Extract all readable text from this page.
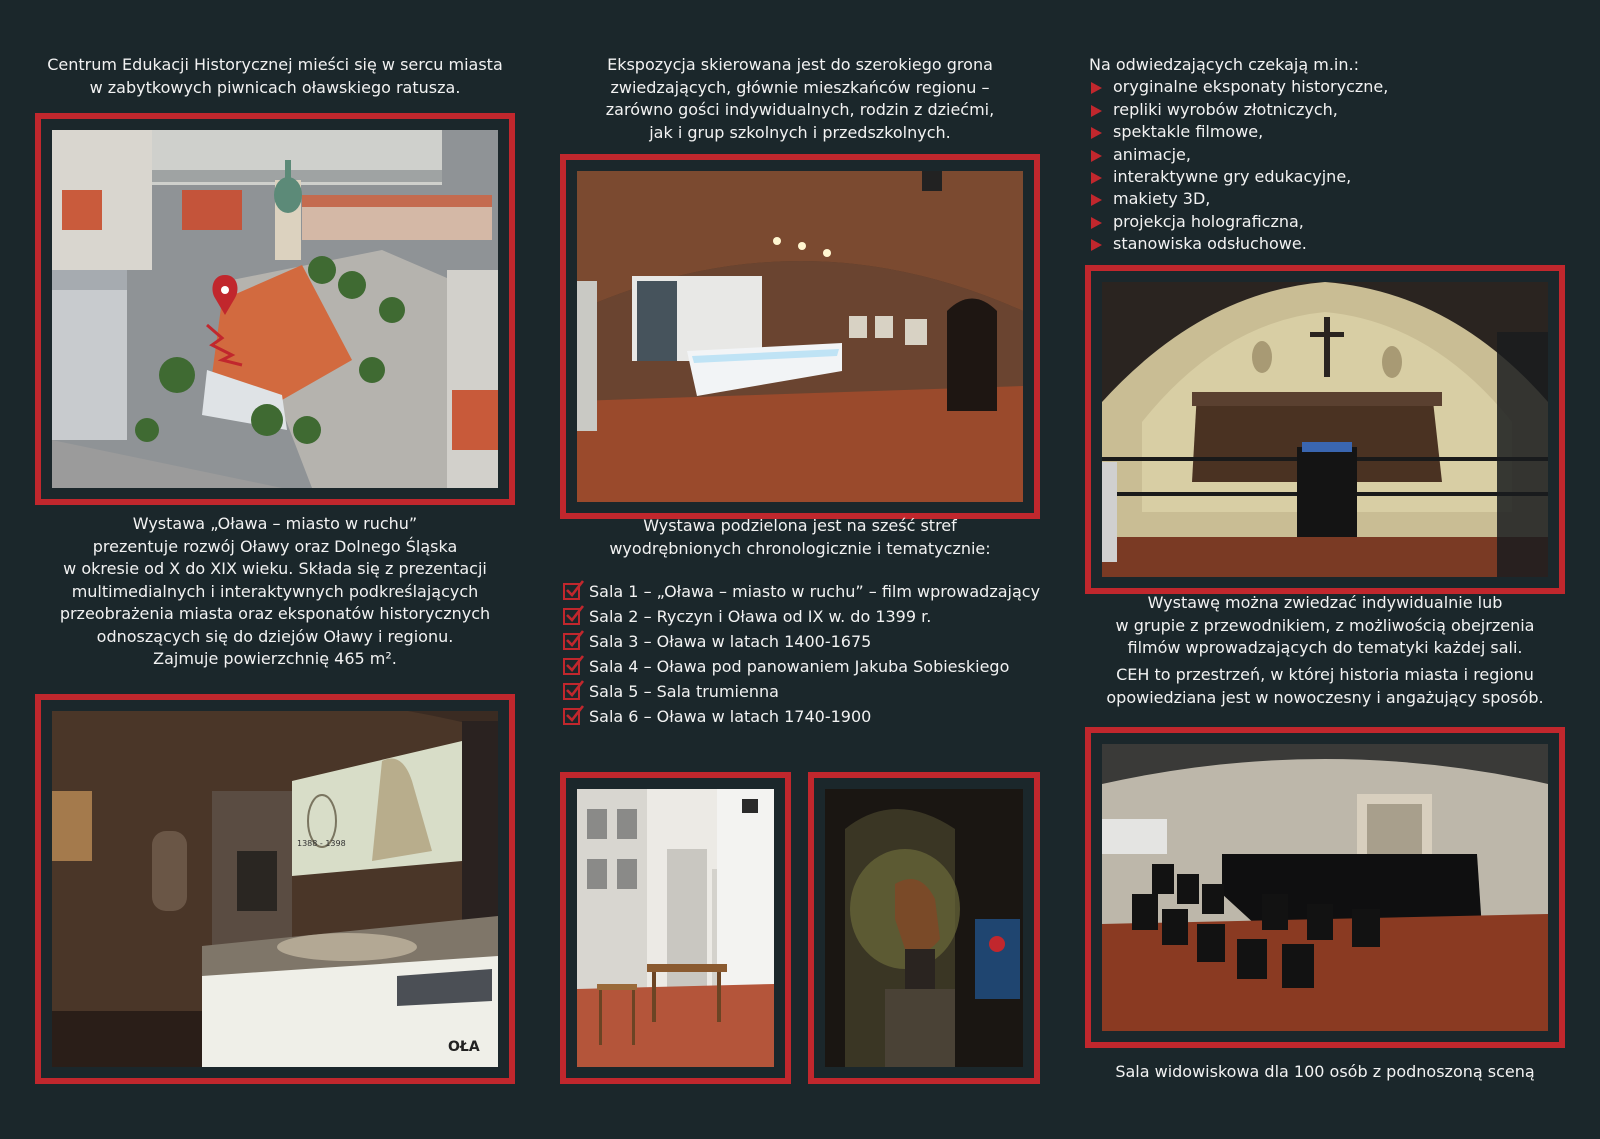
Centrum Edukacji Historycznej mieści się w sercu miasta w zabytkowych piwnicach oławskiego ratusza.

Wystawa „Oława – miasto w ruchu”

prezentuje rozwój Oławy oraz Dolnego Śląska

w okresie od X do XIX wieku. Składa się z prezentacji

multimedialnych i interaktywnych podkreślających

przeobrażenia miasta oraz eksponatów historycznych

odnoszących się do dziejów Oławy i regionu.

Zajmuje powierzchnię 465 m².

1388 - 1398
OŁA

Ekspozycja skierowana jest do szerokiego grona

zwiedzających, głównie mieszkańców regionu –

zarówno gości indywidualnych, rodzin z dziećmi,

jak i grup szkolnych i przedszkolnych.

Wystawa podzielona jest na sześć stref

wyodrębnionych chronologicznie i tematycznie:

Sala 1 – „Oława – miasto w ruchu” – film wprowadzający
Sala 2 – Ryczyn i Oława od IX w. do 1399 r.
Sala 3 – Oława w latach 1400-1675
Sala 4 – Oława pod panowaniem Jakuba Sobieskiego
Sala 5 – Sala trumienna
Sala 6 – Oława w latach 1740-1900
Na odwiedzających czekają m.in.:
oryginalne eksponaty historyczne,
repliki wyrobów złotniczych,
spektakle filmowe,
animacje,
interaktywne gry edukacyjne,
makiety 3D,
projekcja holograficzna,
stanowiska odsłuchowe.

Wystawę można zwiedzać indywidualnie lub

w grupie z przewodnikiem, z możliwością obejrzenia

filmów wprowadzających do tematyki każdej sali.

CEH to przestrzeń, w której historia miasta i regionu

opowiedziana jest w nowoczesny i angażujący sposób.

Sala widowiskowa dla 100 osób z podnoszoną sceną
